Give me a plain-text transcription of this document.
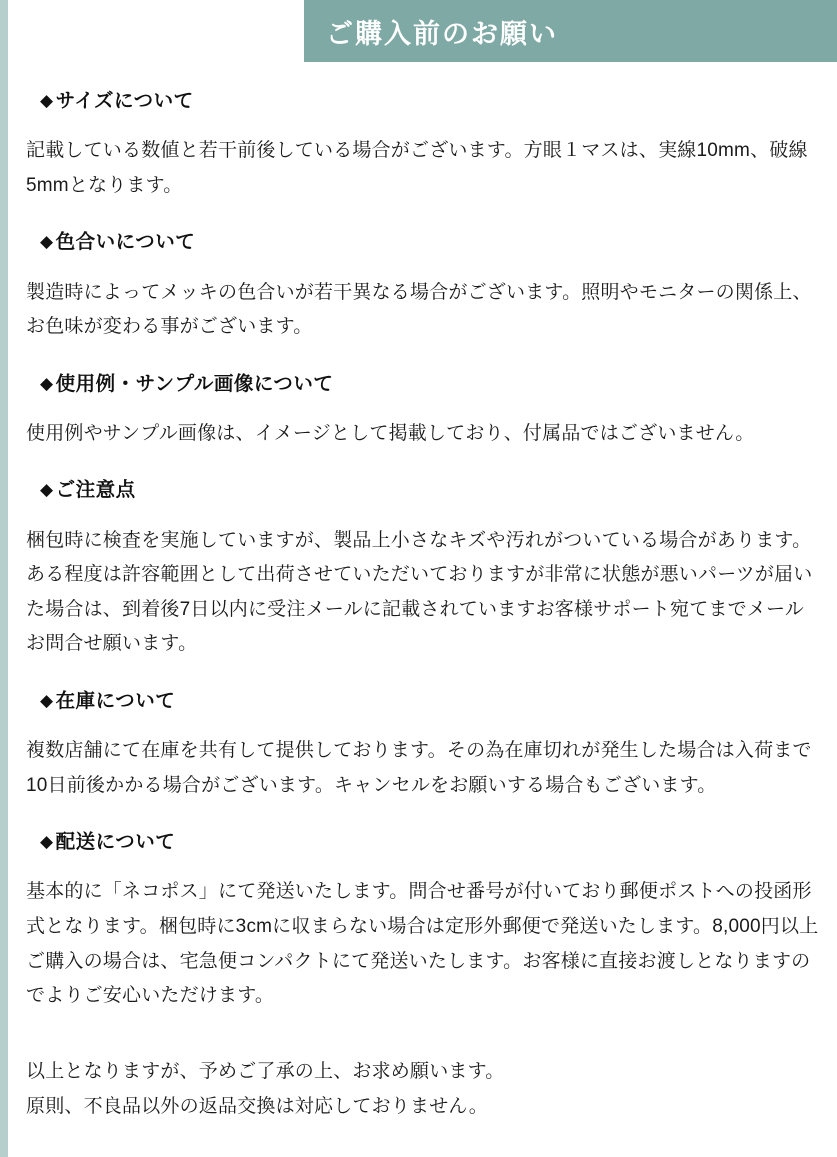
ご購入前のお願い
◆ サイズについて

記載している数値と若干前後している場合がございます。方眼１マスは、実線10mm、破線5mmとなります。

◆ 色合いについて

製造時によってメッキの色合いが若干異なる場合がございます。照明やモニターの関係上、お色味が変わる事がございます。

◆ 使用例・サンプル画像について

使用例やサンプル画像は、イメージとして掲載しており、付属品ではございません。

◆ ご注意点

梱包時に検査を実施していますが、製品上小さなキズや汚れがついている場合があります。ある程度は許容範囲として出荷させていただいておりますが非常に状態が悪いパーツが届いた場合は、到着後7日以内に受注メールに記載されていますお客様サポート宛てまでメールお問合せ願います。

◆ 在庫について

複数店舗にて在庫を共有して提供しております。その為在庫切れが発生した場合は入荷まで10日前後かかる場合がございます。キャンセルをお願いする場合もございます。

◆ 配送について

基本的に「ネコポス」にて発送いたします。問合せ番号が付いており郵便ポストへの投函形式となります。梱包時に3cmに収まらない場合は定形外郵便で発送いたします。8,000円以上ご購入の場合は、宅急便コンパクトにて発送いたします。お客様に直接お渡しとなりますのでよりご安心いただけます。

以上となりますが、予めご了承の上、お求め願います。
原則、不良品以外の返品交換は対応しておりません。
